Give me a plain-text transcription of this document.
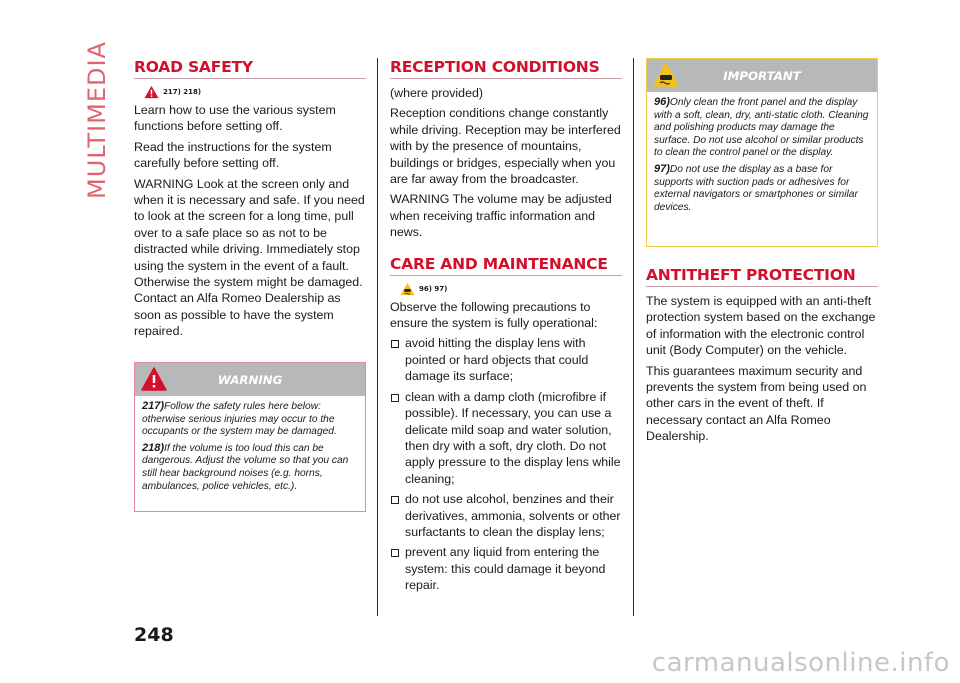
MULTIMEDIA ROAD SAFETY
217) 218)

Learn how to use the various system functions before setting off.

Read the instructions for the system carefully before setting off.

WARNING Look at the screen only and when it is necessary and safe. If you need to look at the screen for a long time, pull over to a safe place so as not to be distracted while driving. Immediately stop using the system in the event of a fault. Otherwise the system might be damaged. Contact an Alfa Romeo Dealership as soon as possible to have the system repaired.

WARNING

217)Follow the safety rules here below: otherwise serious injuries may occur to the occupants or the system may be damaged.

218)If the volume is too loud this can be dangerous. Adjust the volume so that you can still hear background noises (e.g. horns, ambulances, police vehicles, etc.).

RECEPTION CONDITIONS

(where provided)

Reception conditions change constantly while driving. Reception may be interfered with by the presence of mountains, buildings or bridges, especially when you are far away from the broadcaster.

WARNING The volume may be adjusted when receiving traffic information and news.

CARE AND MAINTENANCE
96) 97)

Observe the following precautions to ensure the system is fully operational:

avoid hitting the display lens with pointed or hard objects that could damage its surface;

clean with a damp cloth (microfibre if possible). If necessary, you can use a delicate mild soap and water solution, then dry with a soft, dry cloth. Do not apply pressure to the display lens while cleaning;

do not use alcohol, benzines and their derivatives, ammonia, solvents or other surfactants to clean the display lens;

prevent any liquid from entering the system: this could damage it beyond repair.

IMPORTANT

96)Only clean the front panel and the display with a soft, clean, dry, anti-static cloth. Cleaning and polishing products may damage the surface. Do not use alcohol or similar products to clean the control panel or the display.

97)Do not use the display as a base for supports with suction pads or adhesives for external navigators or smartphones or similar devices.

ANTITHEFT PROTECTION

The system is equipped with an anti-theft protection system based on the exchange of information with the electronic control unit (Body Computer) on the vehicle.

This guarantees maximum security and prevents the system from being used on other cars in the event of theft. If necessary contact an Alfa Romeo Dealership.

248
carmanualsonline.info
